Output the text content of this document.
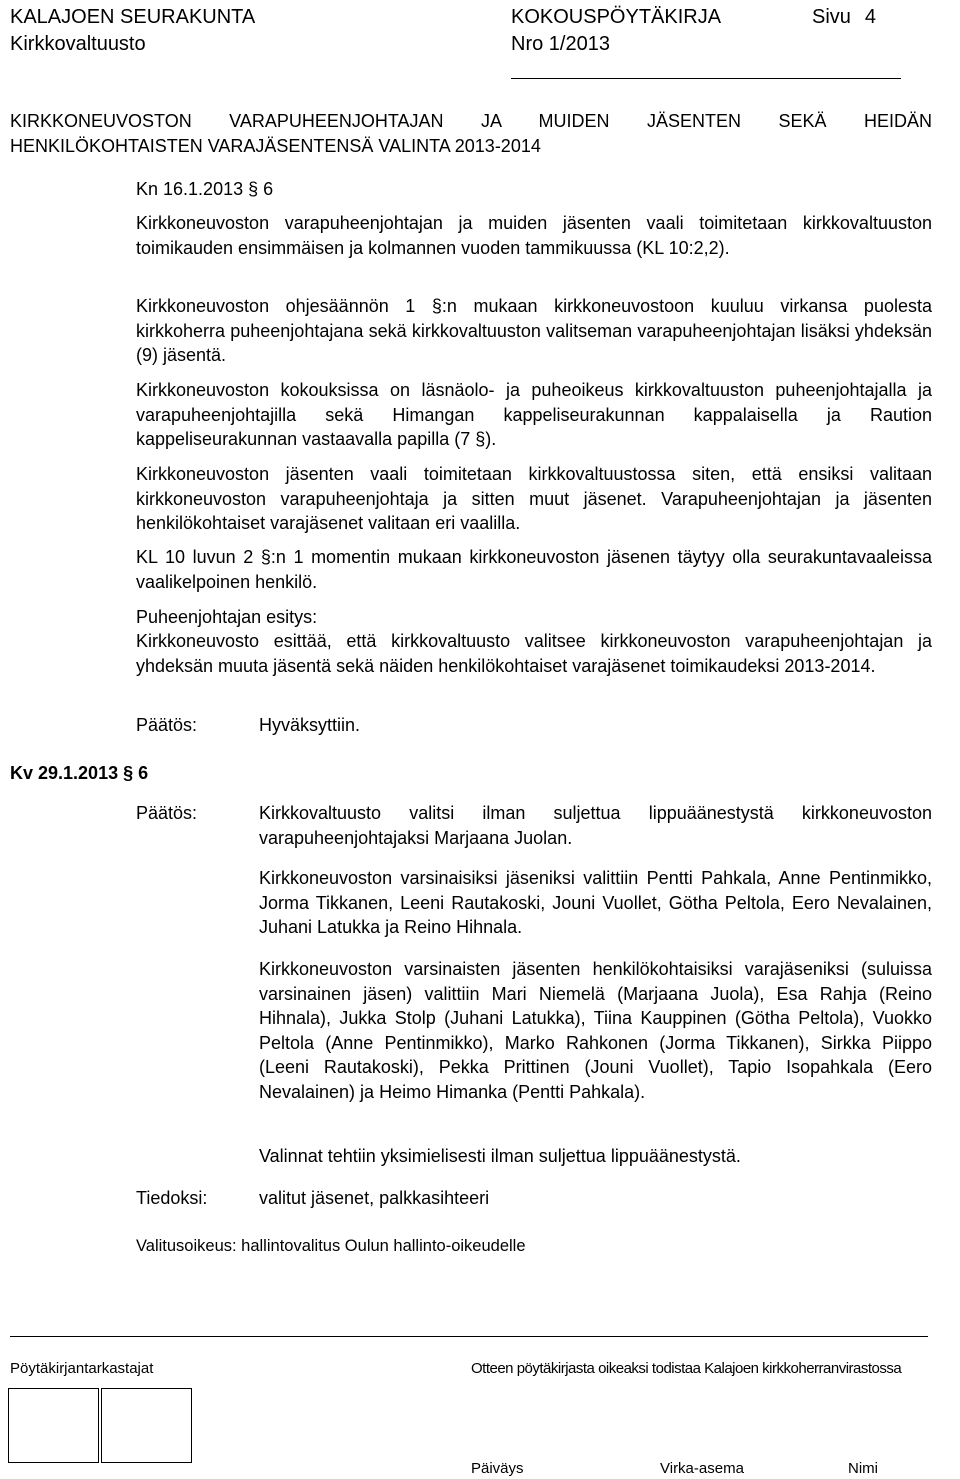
KALAJOEN SEURAKUNTA	KOKOUSPÖYTÄKIRJA	Sivu 4
Kirkkovaltuusto	Nro 1/2013
KIRKKONEUVOSTON VARAPUHEENJOHTAJAN JA MUIDEN JÄSENTEN SEKÄ HEIDÄN
HENKILÖKOHTAISTEN VARAJÄSENTENSÄ VALINTA 2013-2014
Kn 16.1.2013 § 6
Kirkkoneuvoston varapuheenjohtajan ja muiden jäsenten vaali toimitetaan kirkkovaltuuston toimikauden ensimmäisen ja kolmannen vuoden tammikuussa (KL 10:2,2).
Kirkkoneuvoston ohjesäännön 1 §:n mukaan kirkkoneuvostoon kuuluu virkansa puolesta kirkkoherra puheenjohtajana sekä kirkkovaltuuston valitseman varapuheenjohtajan lisäksi yhdeksän (9) jäsentä.
Kirkkoneuvoston kokouksissa on läsnäolo- ja puheoikeus kirkkovaltuuston puheenjohtajalla ja varapuheenjohtajilla sekä Himangan kappeliseurakunnan kappalaisella ja Raution kappeliseurakunnan vastaavalla papilla (7 §).
Kirkkoneuvoston jäsenten vaali toimitetaan kirkkovaltuustossa siten, että ensiksi valitaan kirkkoneuvoston varapuheenjohtaja ja sitten muut jäsenet. Varapuheenjohtajan ja jäsenten henkilökohtaiset varajäsenet valitaan eri vaalilla.
KL 10 luvun 2 §:n 1 momentin mukaan kirkkoneuvoston jäsenen täytyy olla seurakuntavaaleissa vaalikelpoinen henkilö.
Puheenjohtajan esitys:
Kirkkoneuvosto esittää, että kirkkovaltuusto valitsee kirkkoneuvoston varapuheenjohtajan ja yhdeksän muuta jäsentä sekä näiden henkilökohtaiset varajäsenet toimikaudeksi 2013-2014.
Päätös:	Hyväksyttiin.
Kv 29.1.2013 § 6
Päätös:	Kirkkovaltuusto valitsi ilman suljettua lippuäänestystä kirkkoneuvoston varapuheenjohtajaksi Marjaana Juolan.
Kirkkoneuvoston varsinaisiksi jäseniksi valittiin Pentti Pahkala, Anne Pentinmikko, Jorma Tikkanen, Leeni Rautakoski, Jouni Vuollet, Götha Peltola, Eero Nevalainen, Juhani Latukka ja Reino Hihnala.
Kirkkoneuvoston varsinaisten jäsenten henkilökohtaisiksi varajäseniksi (suluissa varsinainen jäsen) valittiin Mari Niemelä (Marjaana Juola), Esa Rahja (Reino Hihnala), Jukka Stolp (Juhani Latukka), Tiina Kauppinen (Götha Peltola), Vuokko Peltola (Anne Pentinmikko), Marko Rahkonen (Jorma Tikkanen), Sirkka Piippo (Leeni Rautakoski), Pekka Prittinen (Jouni Vuollet), Tapio Isopahkala (Eero Nevalainen) ja Heimo Himanka (Pentti Pahkala).
Valinnat tehtiin yksimielisesti ilman suljettua lippuäänestystä.
Tiedoksi:	valitut jäsenet, palkkasihteeri
Valitusoikeus: hallintovalitus Oulun hallinto-oikeudelle
Pöytäkirjantarkastajat	Otteen pöytäkirjasta oikeaksi todistaa Kalajoen kirkkoherranvirastossa
Päiväys	Virka-asema	Nimi
